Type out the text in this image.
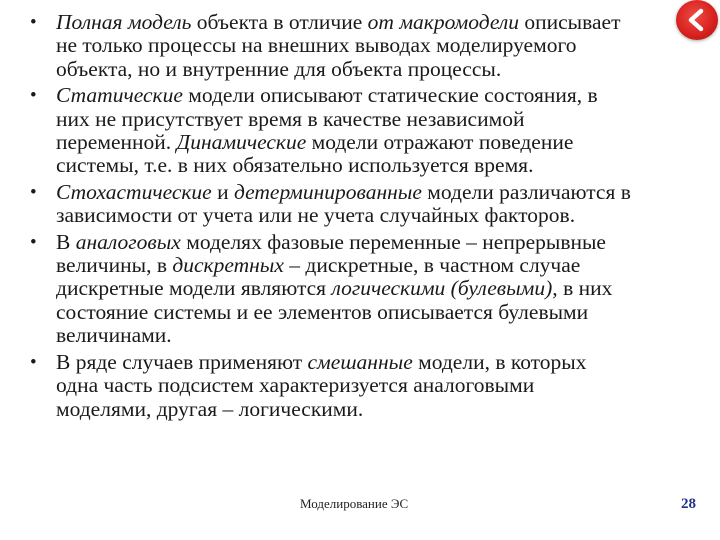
• Полная модель объекта в отличие от макромодели описывает
не только процессы на внешних выводах моделируемого
объекта, но и внутренние для объекта процессы.
• Статические модели описывают статические состояния, в
них не присутствует время в качестве независимой
переменной. Динамические модели отражают поведение
системы, т.е. в них обязательно используется время.
• Стохастические и детерминированные модели различаются в
зависимости от учета или не учета случайных факторов.
• В аналоговых моделях фазовые переменные – непрерывные
величины, в дискретных – дискретные, в частном случае
дискретные модели являются логическими (булевыми), в них
состояние системы и ее элементов описывается булевыми
величинами.
• В ряде случаев применяют смешанные модели, в которых
одна часть подсистем характеризуется аналоговыми
моделями, другая – логическими.
Моделирование ЭС	28
